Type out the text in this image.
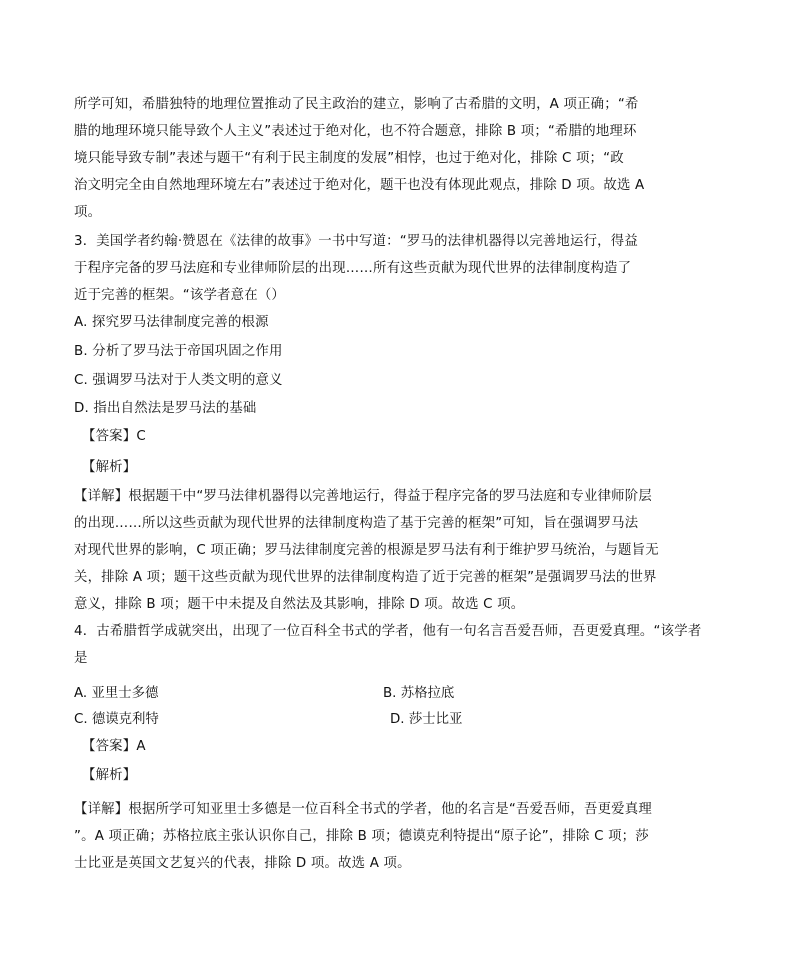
所学可知，希腊独特的地理位置推动了民主政治的建立，影响了古希腊的文明，A 项正确；“希
腊的地理环境只能导致个人主义”表述过于绝对化，也不符合题意，排除 B 项；“希腊的地理环
境只能导致专制”表述与题干“有利于民主制度的发展”相悖，也过于绝对化，排除 C 项；“政
治文明完全由自然地理环境左右”表述过于绝对化，题干也没有体现此观点，排除 D 项。故选 A
项。
3．美国学者约翰·赞恩在《法律的故事》一书中写道：“罗马的法律机器得以完善地运行，得益
于程序完备的罗马法庭和专业律师阶层的出现……所有这些贡献为现代世界的法律制度构造了
近于完善的框架。“该学者意在（）
A. 探究罗马法律制度完善的根源
B. 分析了罗马法于帝国巩固之作用
C. 强调罗马法对于人类文明的意义
D. 指出自然法是罗马法的基础
【答案】C
【解析】
【详解】根据题干中“罗马法律机器得以完善地运行，得益于程序完备的罗马法庭和专业律师阶层
的出现……所以这些贡献为现代世界的法律制度构造了基于完善的框架”可知，旨在强调罗马法
对现代世界的影响，C 项正确；罗马法律制度完善的根源是罗马法有利于维护罗马统治，与题旨无
关，排除 A 项；题干这些贡献为现代世界的法律制度构造了近于完善的框架”是强调罗马法的世界
意义，排除 B 项；题干中未提及自然法及其影响，排除 D 项。故选 C 项。
4．古希腊哲学成就突出，出现了一位百科全书式的学者，他有一句名言吾爱吾师，吾更爱真理。“该学者
是
A. 亚里士多德	B. 苏格拉底
C. 德谟克利特	D. 莎士比亚
【答案】A
【解析】
【详解】根据所学可知亚里士多德是一位百科全书式的学者，他的名言是“吾爱吾师，吾更爱真理
”。A 项正确；苏格拉底主张认识你自己，排除 B 项；德谟克利特提出“原子论”，排除 C 项；莎
士比亚是英国文艺复兴的代表，排除 D 项。故选 A 项。
